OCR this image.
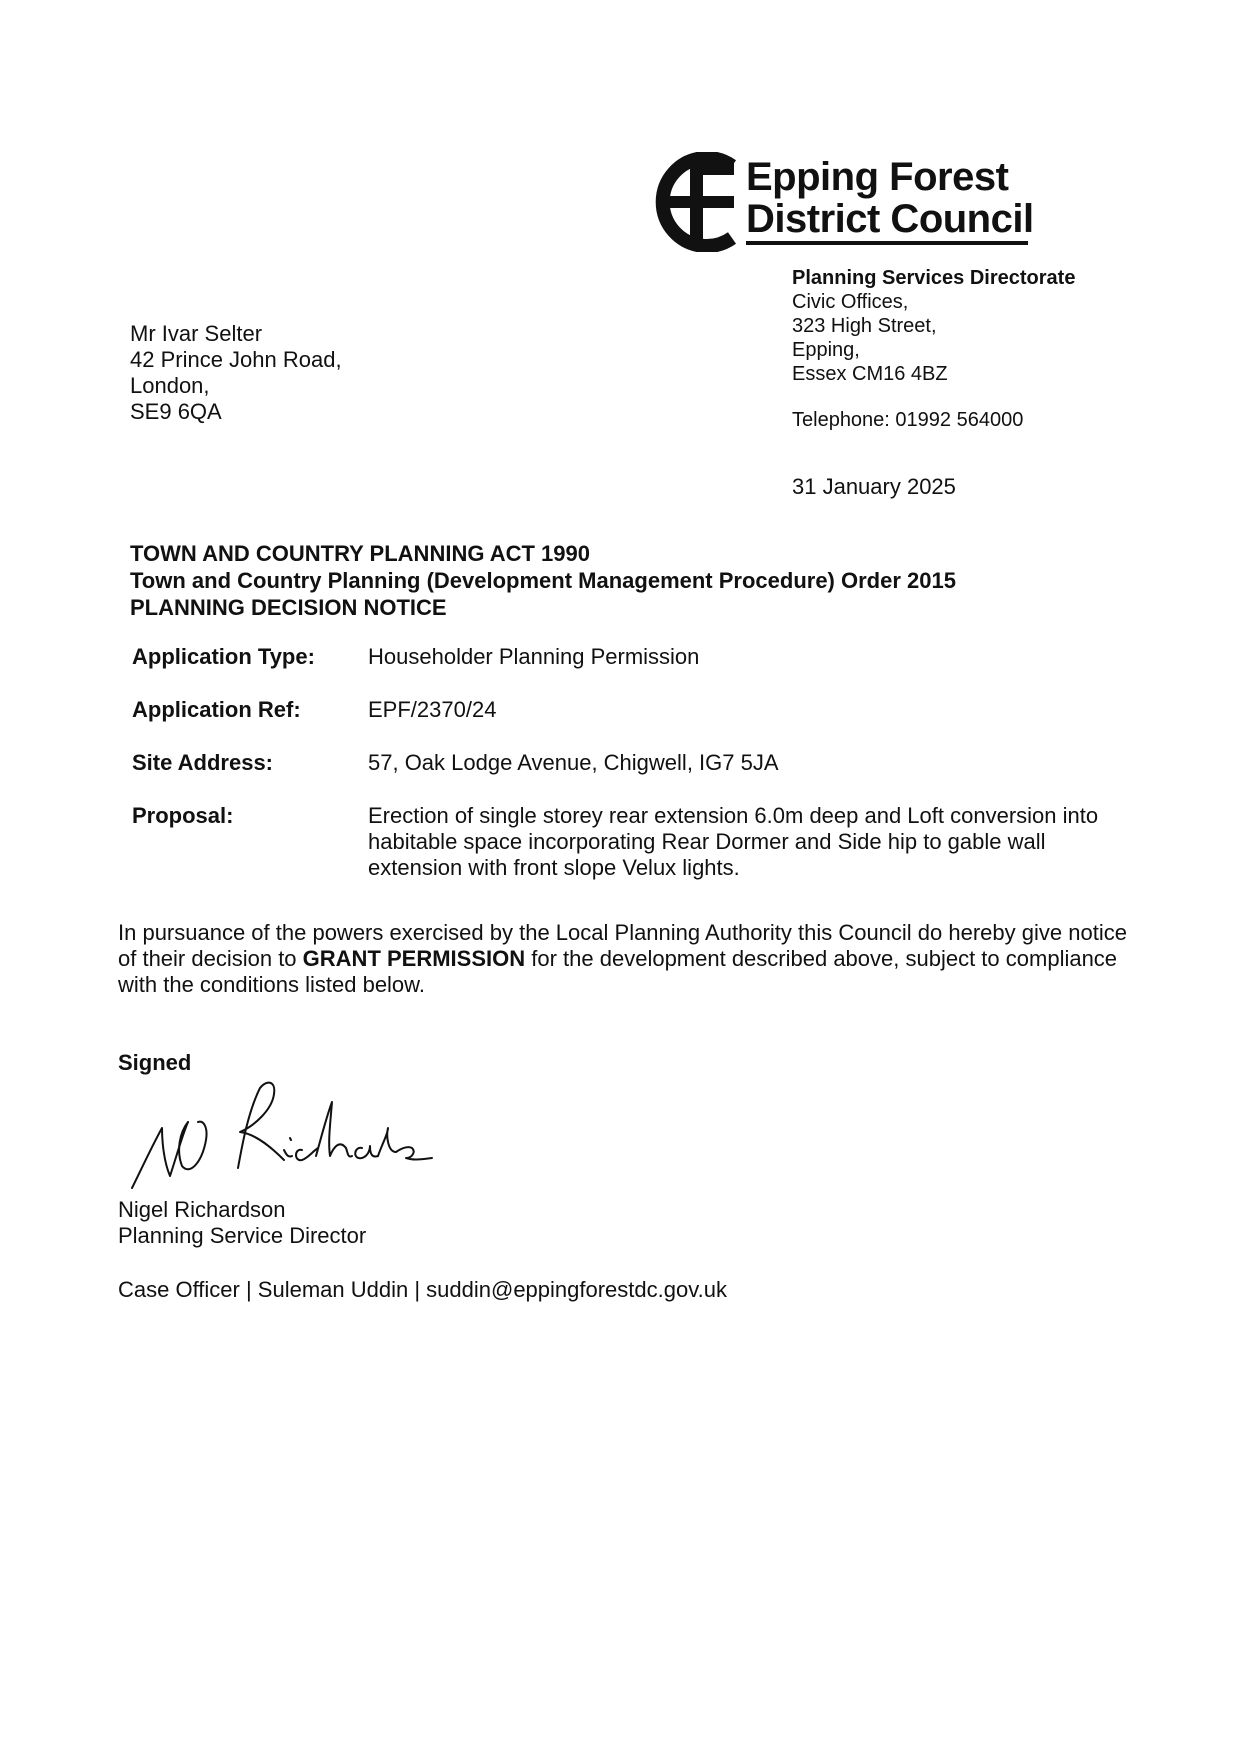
Epping Forest
District Council
Planning Services Directorate
Civic Offices,
323 High Street,
Epping,
Essex CM16 4BZ
Telephone: 01992 564000
31 January 2025
Mr Ivar Selter
42 Prince John Road,
London,
SE9 6QA
TOWN AND COUNTRY PLANNING ACT 1990
Town and Country Planning (Development Management Procedure) Order 2015
PLANNING DECISION NOTICE
Application Type:	Householder Planning Permission
Application Ref:	EPF/2370/24
Site Address:	57, Oak Lodge Avenue, Chigwell, IG7 5JA
Proposal:	Erection of single storey rear extension 6.0m deep and Loft conversion into habitable space incorporating Rear Dormer and Side hip to gable wall extension with front slope Velux lights.
In pursuance of the powers exercised by the Local Planning Authority this Council do hereby give notice of their decision to GRANT PERMISSION for the development described above, subject to compliance with the conditions listed below.
Signed
Nigel Richardson
Planning Service Director
Case Officer | Suleman Uddin | suddin@eppingforestdc.gov.uk
